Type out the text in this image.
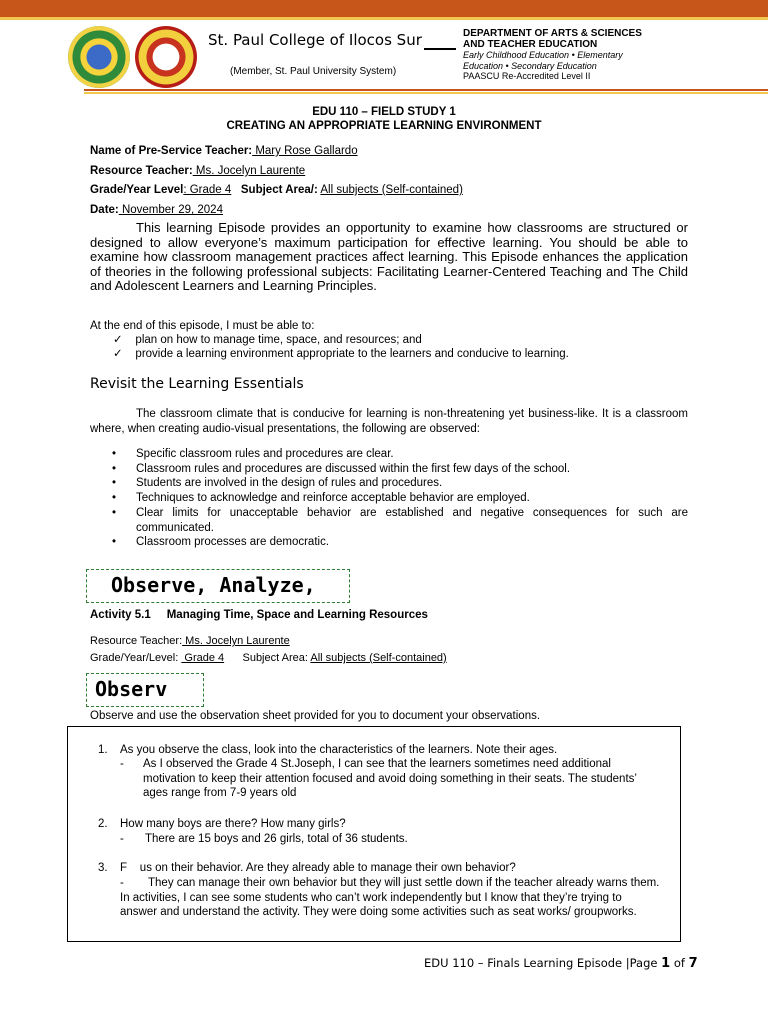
St. Paul College of Ilocos Sur
(Member, St. Paul University System)
DEPARTMENT OF ARTS & SCIENCES
AND TEACHER EDUCATION
Early Childhood Education • Elementary
Education • Secondary Education
PAASCU Re-Accredited Level II
EDU 110 – FIELD STUDY 1
CREATING AN APPROPRIATE LEARNING ENVIRONMENT
Name of Pre-Service Teacher: Mary Rose Gallardo
Resource Teacher: Ms. Jocelyn Laurente
Grade/Year Level: Grade 4 Subject Area/: All subjects (Self-contained)
Date: November 29, 2024
This learning Episode provides an opportunity to examine how classrooms are structured or designed to allow everyone’s maximum participation for effective learning. You should be able to examine how classroom management practices affect learning. This Episode enhances the application of theories in the following professional subjects: Facilitating Learner-Centered Teaching and The Child and Adolescent Learners and Learning Principles.
At the end of this episode, I must be able to:
✓ plan on how to manage time, space, and resources; and
✓ provide a learning environment appropriate to the learners and conducive to learning.
Revisit the Learning Essentials
The classroom climate that is conducive for learning is non-threatening yet business-like. It is a classroom where, when creating audio-visual presentations, the following are observed:
• Specific classroom rules and procedures are clear.
• Classroom rules and procedures are discussed within the first few days of the school.
• Students are involved in the design of rules and procedures.
• Techniques to acknowledge and reinforce acceptable behavior are employed.
• Clear limits for unacceptable behavior are established and negative consequences for such are communicated.
• Classroom processes are democratic.
Observe, Analyze,
Activity 5.1 Managing Time, Space and Learning Resources
Resource Teacher: Ms. Jocelyn Laurente
Grade/Year/Level:  Grade 4 Subject Area: All subjects (Self-contained)
Observ
Observe and use the observation sheet provided for you to document your observations.
1. As you observe the class, look into the characteristics of the learners. Note their ages.
- As I observed the Grade 4 St.Joseph, I can see that the learners sometimes need additional motivation to keep their attention focused and avoid doing something in their seats. The students’ ages range from 7-9 years old
2. How many boys are there? How many girls?
- There are 15 boys and 26 girls, total of 36 students.
3. F    us on their behavior. Are they already able to manage their own behavior?
-	They can manage their own behavior but they will just settle down if the teacher already warns them. In activities, I can see some students who can’t work independently but I know that they’re trying to answer and understand the activity. They were doing some activities such as seat works/ groupworks.
EDU 110 – Finals Learning Episode |Page 1 of 7
